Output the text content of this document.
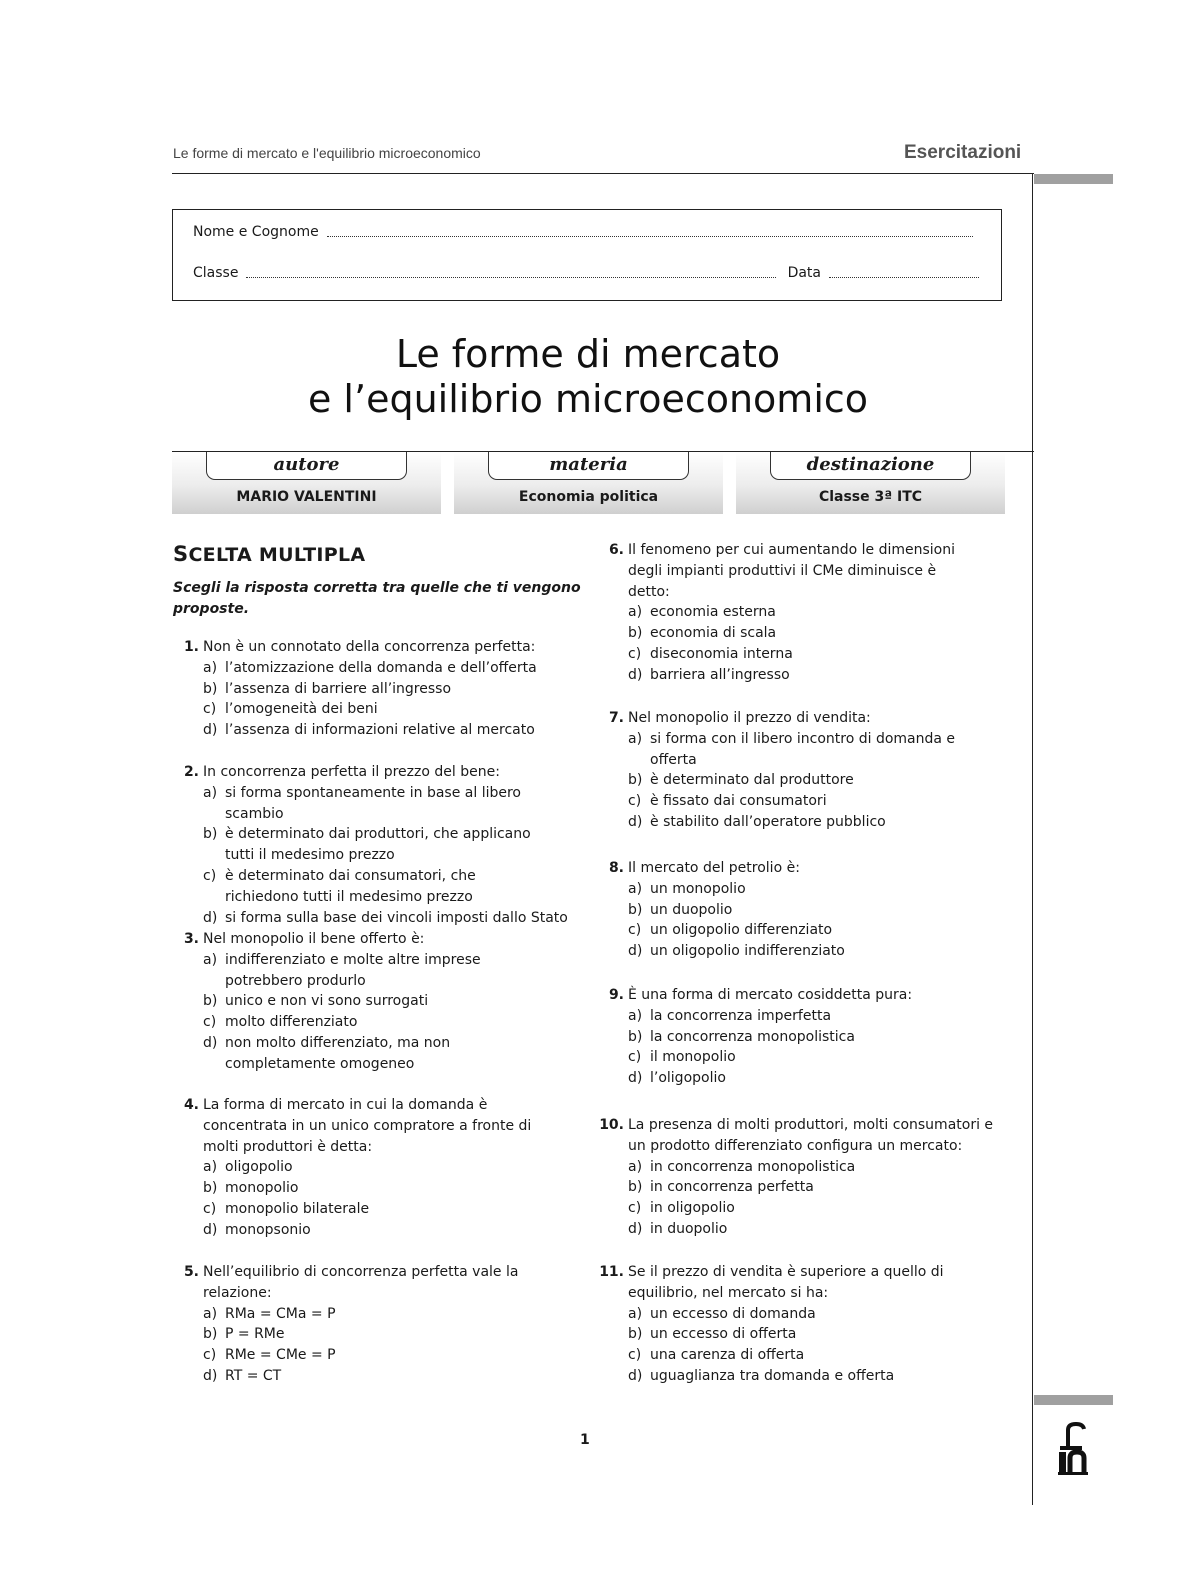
Le forme di mercato e l'equilibrio microeconomico	Esercitazioni
Nome e Cognome
Classe	Data
Le forme di mercato
e l’equilibrio microeconomico
autore
MARIO VALENTINI
materia
Economia politica
destinazione
Classe 3ª ITC
SCELTA MULTIPLA
Scegli la risposta corretta tra quelle che ti vengono proposte.
1. Non è un connotato della concorrenza perfetta:
a) l’atomizzazione della domanda e dell’offerta
b) l’assenza di barriere all’ingresso
c) l’omogeneità dei beni
d) l’assenza di informazioni relative al mercato
2. In concorrenza perfetta il prezzo del bene:
a) si forma spontaneamente in base al libero scambio
b) è determinato dai produttori, che applicano tutti il medesimo prezzo
c) è determinato dai consumatori, che richiedono tutti il medesimo prezzo
d) si forma sulla base dei vincoli imposti dallo Stato
3. Nel monopolio il bene offerto è:
a) indifferenziato e molte altre imprese potrebbero produrlo
b) unico e non vi sono surrogati
c) molto differenziato
d) non molto differenziato, ma non completamente omogeneo
4. La forma di mercato in cui la domanda è concentrata in un unico compratore a fronte di molti produttori è detta:
a) oligopolio
b) monopolio
c) monopolio bilaterale
d) monopsonio
5. Nell’equilibrio di concorrenza perfetta vale la relazione:
a) RMa = CMa = P
b) P = RMe
c) RMe = CMe = P
d) RT = CT
6. Il fenomeno per cui aumentando le dimensioni degli impianti produttivi il CMe diminuisce è detto:
a) economia esterna
b) economia di scala
c) diseconomia interna
d) barriera all’ingresso
7. Nel monopolio il prezzo di vendita:
a) si forma con il libero incontro di domanda e offerta
b) è determinato dal produttore
c) è fissato dai consumatori
d) è stabilito dall’operatore pubblico
8. Il mercato del petrolio è:
a) un monopolio
b) un duopolio
c) un oligopolio differenziato
d) un oligopolio indifferenziato
9. È una forma di mercato cosiddetta pura:
a) la concorrenza imperfetta
b) la concorrenza monopolistica
c) il monopolio
d) l’oligopolio
10. La presenza di molti produttori, molti consumatori e un prodotto differenziato configura un mercato:
a) in concorrenza monopolistica
b) in concorrenza perfetta
c) in oligopolio
d) in duopolio
11. Se il prezzo di vendita è superiore a quello di equilibrio, nel mercato si ha:
a) un eccesso di domanda
b) un eccesso di offerta
c) una carenza di offerta
d) uguaglianza tra domanda e offerta
1
